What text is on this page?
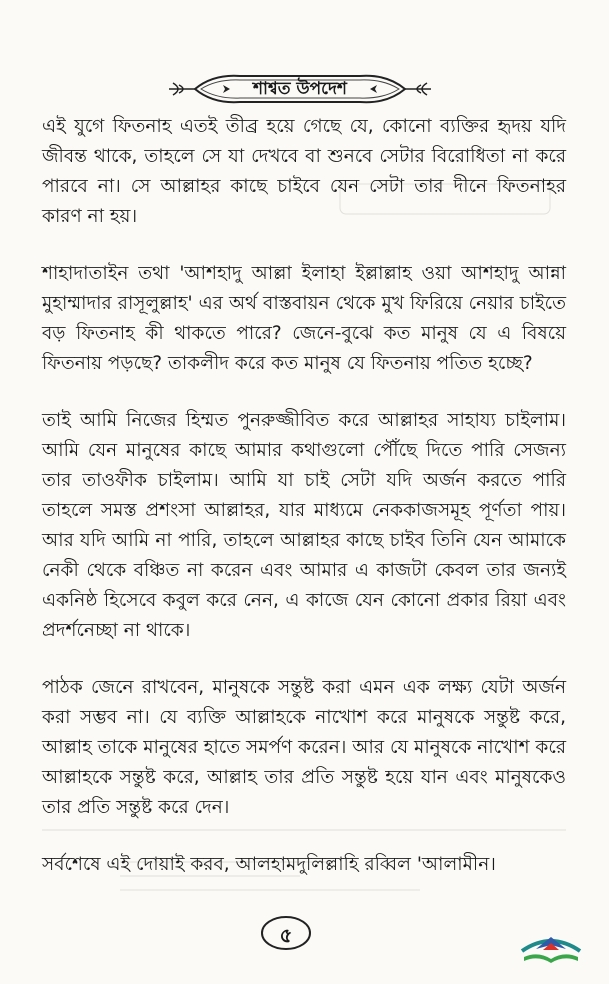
শাশ্বত উপদেশ

এই যুগে ফিতনাহ এতই তীব্র হয়ে গেছে যে, কোনো ব্যক্তির হৃদয় যদি জীবন্ত থাকে, তাহলে সে যা দেখবে বা শুনবে সেটার বিরোধিতা না করে পারবে না। সে আল্লাহর কাছে চাইবে যেন সেটা তার দীনে ফিতনাহর কারণ না হয়।

শাহাদাতাইন তথা 'আশহাদু আল্লা ইলাহা ইল্লাল্লাহ ওয়া আশহাদু আন্না মুহাম্মাদার রাসূলুল্লাহ' এর অর্থ বাস্তবায়ন থেকে মুখ ফিরিয়ে নেয়ার চাইতে বড় ফিতনাহ কী থাকতে পারে? জেনে-বুঝে কত মানুষ যে এ বিষয়ে ফিতনায় পড়ছে? তাকলীদ করে কত মানুষ যে ফিতনায় পতিত হচ্ছে?

তাই আমি নিজের হিম্মত পুনরুজ্জীবিত করে আল্লাহর সাহায্য চাইলাম। আমি যেন মানুষের কাছে আমার কথাগুলো পৌঁছে দিতে পারি সেজন্য তার তাওফীক চাইলাম। আমি যা চাই সেটা যদি অর্জন করতে পারি তাহলে সমস্ত প্রশংসা আল্লাহর, যার মাধ্যমে নেককাজসমূহ পূর্ণতা পায়। আর যদি আমি না পারি, তাহলে আল্লাহর কাছে চাইব তিনি যেন আমাকে নেকী থেকে বঞ্চিত না করেন এবং আমার এ কাজটা কেবল তার জন্যই একনিষ্ঠ হিসেবে কবুল করে নেন, এ কাজে যেন কোনো প্রকার রিয়া এবং প্রদর্শনেচ্ছা না থাকে।

পাঠক জেনে রাখবেন, মানুষকে সন্তুষ্ট করা এমন এক লক্ষ্য যেটা অর্জন করা সম্ভব না। যে ব্যক্তি আল্লাহকে নাখোশ করে মানুষকে সন্তুষ্ট করে, আল্লাহ তাকে মানুষের হাতে সমর্পণ করেন। আর যে মানুষকে নাখোশ করে আল্লাহকে সন্তুষ্ট করে, আল্লাহ তার প্রতি সন্তুষ্ট হয়ে যান এবং মানুষকেও তার প্রতি সন্তুষ্ট করে দেন।

সর্বশেষে এই দোয়াই করব, আলহামদুলিল্লাহি রব্বিল 'আলামীন।

৫
